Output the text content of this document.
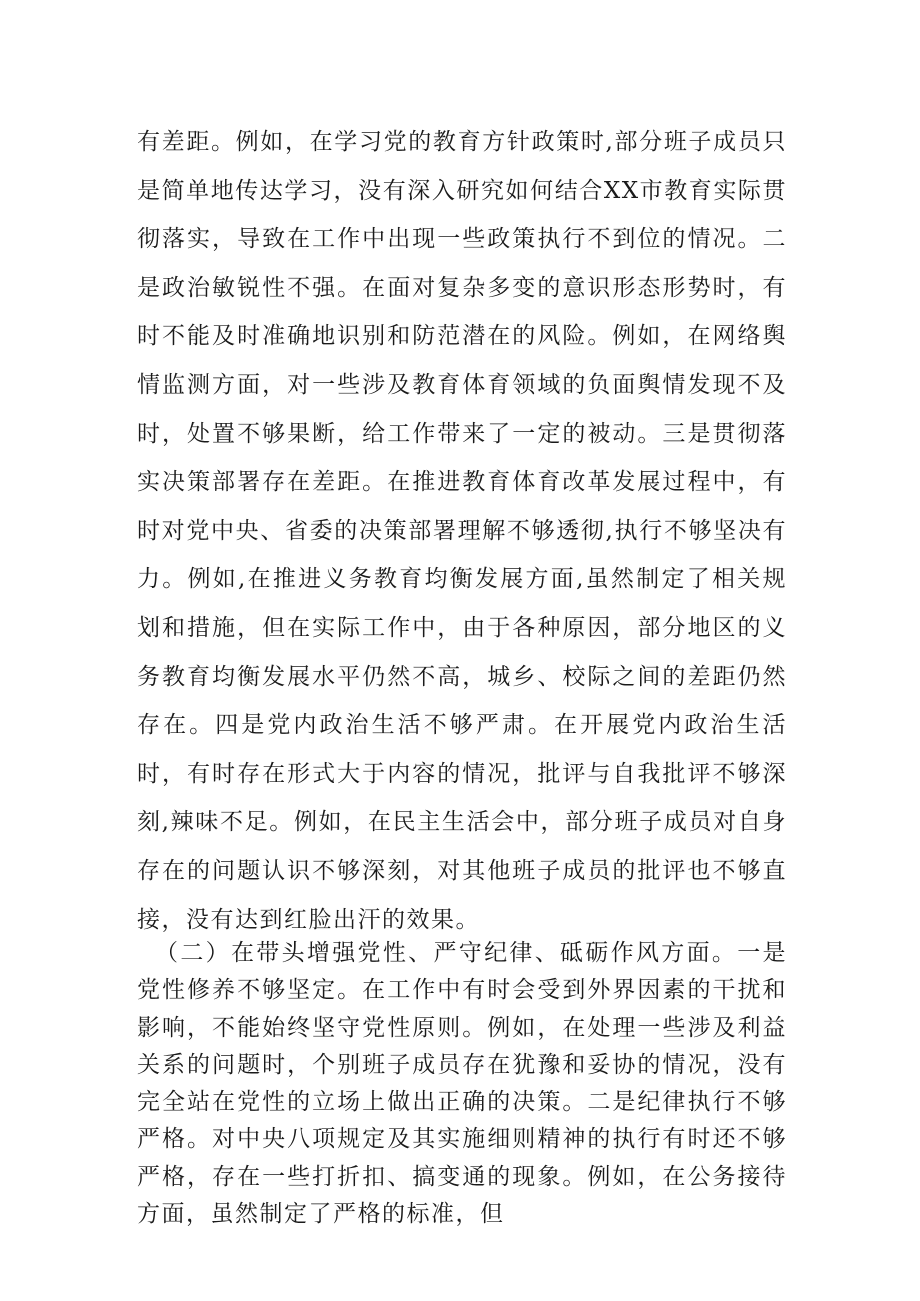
有差距。例如，在学习党的教育方针政策时,部分班子成员只是简单地传达学习，没有深入研究如何结合XX市教育实际贯彻落实，导致在工作中出现一些政策执行不到位的情况。二是政治敏锐性不强。在面对复杂多变的意识形态形势时，有时不能及时准确地识别和防范潜在的风险。例如，在网络舆情监测方面，对一些涉及教育体育领域的负面舆情发现不及时，处置不够果断，给工作带来了一定的被动。三是贯彻落实决策部署存在差距。在推进教育体育改革发展过程中，有时对党中央、省委的决策部署理解不够透彻,执行不够坚决有力。例如,在推进义务教育均衡发展方面,虽然制定了相关规划和措施，但在实际工作中，由于各种原因，部分地区的义务教育均衡发展水平仍然不高，城乡、校际之间的差距仍然存在。四是党内政治生活不够严肃。在开展党内政治生活时，有时存在形式大于内容的情况，批评与自我批评不够深刻,辣味不足。例如，在民主生活会中，部分班子成员对自身存在的问题认识不够深刻，对其他班子成员的批评也不够直接，没有达到红脸出汗的效果。

（二）在带头增强党性、严守纪律、砥砺作风方面。一是党性修养不够坚定。在工作中有时会受到外界因素的干扰和影响，不能始终坚守党性原则。例如，在处理一些涉及利益关系的问题时，个别班子成员存在犹豫和妥协的情况，没有完全站在党性的立场上做出正确的决策。二是纪律执行不够严格。对中央八项规定及其实施细则精神的执行有时还不够严格，存在一些打折扣、搞变通的现象。例如，在公务接待方面，虽然制定了严格的标准，但
